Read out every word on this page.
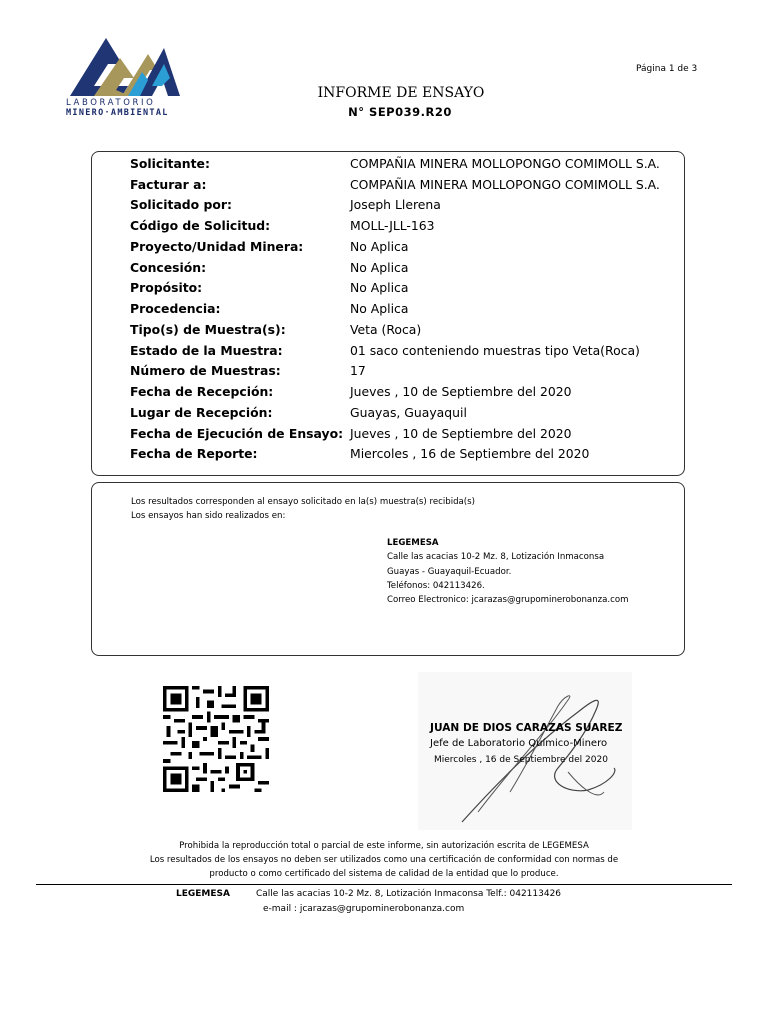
LABORATORIO
MINERO·AMBIENTAL
Página 1 de 3
INFORME DE ENSAYO
N° SEP039.R20
Solicitante:	COMPAÑIA MINERA MOLLOPONGO COMIMOLL S.A.
Facturar a:	COMPAÑIA MINERA MOLLOPONGO COMIMOLL S.A.
Solicitado por:	Joseph Llerena
Código de Solicitud:	MOLL-JLL-163
Proyecto/Unidad Minera:	No Aplica
Concesión:	No Aplica
Propósito:	No Aplica
Procedencia:	No Aplica
Tipo(s) de Muestra(s):	Veta (Roca)
Estado de la Muestra:	01 saco conteniendo muestras tipo Veta(Roca)
Número de Muestras:	17
Fecha de Recepción:	Jueves , 10 de Septiembre del 2020
Lugar de Recepción:	Guayas, Guayaquil
Fecha de Ejecución de Ensayo: Jueves , 10 de Septiembre del 2020
Fecha de Reporte:	Miercoles , 16 de Septiembre del 2020
Los resultados corresponden al ensayo solicitado en la(s) muestra(s) recibida(s)
Los ensayos han sido realizados en:
LEGEMESA
Calle las acacias 10-2 Mz. 8, Lotización Inmaconsa
Guayas - Guayaquil-Ecuador.
Teléfonos: 042113426.
Correo Electronico: jcarazas@grupominerobonanza.com
JUAN DE DIOS CARAZAS SUAREZ
Jefe de Laboratorio Químico-Minero
Miercoles , 16 de Septiembre del 2020
Prohibida la reproducción total o parcial de este informe, sin autorización escrita de LEGEMESA
Los resultados de los ensayos no deben ser utilizados como una certificación de conformidad con normas de
producto o como certificado del sistema de calidad de la entidad que lo produce.
LEGEMESA	Calle las acacias 10-2 Mz. 8, Lotización Inmaconsa Telf.: 042113426
e-mail : jcarazas@grupominerobonanza.com
